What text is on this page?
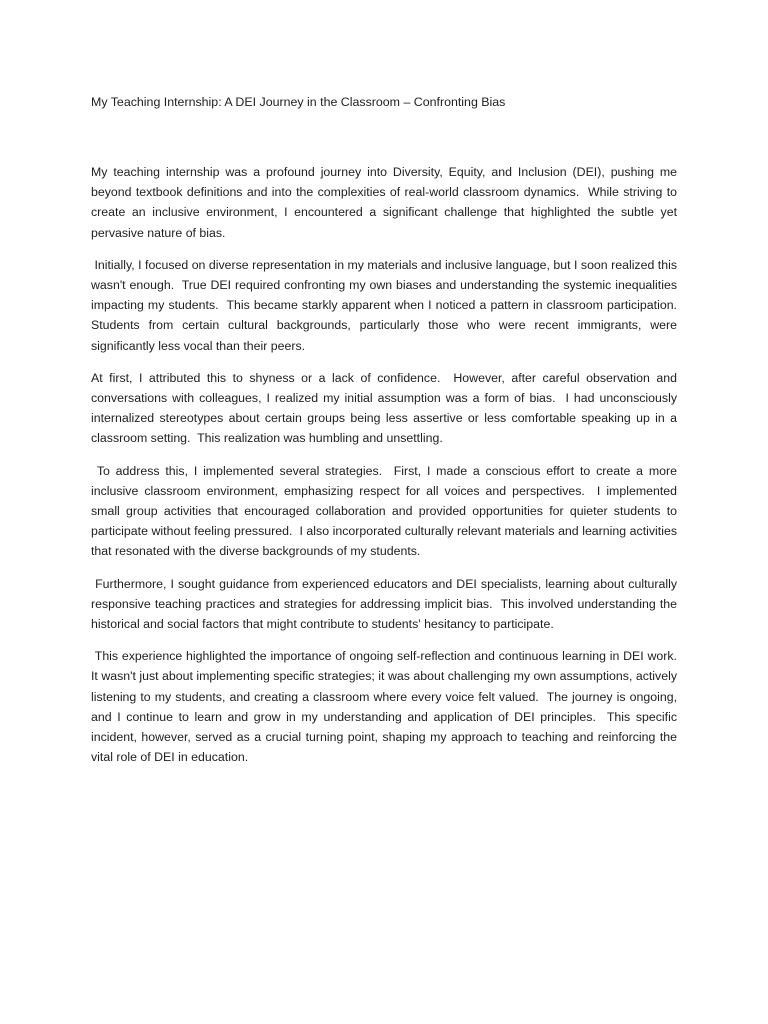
My Teaching Internship: A DEI Journey in the Classroom – Confronting Bias

My teaching internship was a profound journey into Diversity, Equity, and Inclusion (DEI), pushing me beyond textbook definitions and into the complexities of real-world classroom dynamics.  While striving to create an inclusive environment, I encountered a significant challenge that highlighted the subtle yet pervasive nature of bias.

Initially, I focused on diverse representation in my materials and inclusive language, but I soon realized this wasn't enough.  True DEI required confronting my own biases and understanding the systemic inequalities impacting my students.  This became starkly apparent when I noticed a pattern in classroom participation.  Students from certain cultural backgrounds, particularly those who were recent immigrants, were significantly less vocal than their peers.

At first, I attributed this to shyness or a lack of confidence.  However, after careful observation and conversations with colleagues, I realized my initial assumption was a form of bias.  I had unconsciously internalized stereotypes about certain groups being less assertive or less comfortable speaking up in a classroom setting.  This realization was humbling and unsettling.

To address this, I implemented several strategies.  First, I made a conscious effort to create a more inclusive classroom environment, emphasizing respect for all voices and perspectives.  I implemented small group activities that encouraged collaboration and provided opportunities for quieter students to participate without feeling pressured.  I also incorporated culturally relevant materials and learning activities that resonated with the diverse backgrounds of my students.

Furthermore, I sought guidance from experienced educators and DEI specialists, learning about culturally responsive teaching practices and strategies for addressing implicit bias.  This involved understanding the historical and social factors that might contribute to students' hesitancy to participate.

This experience highlighted the importance of ongoing self-reflection and continuous learning in DEI work.  It wasn't just about implementing specific strategies; it was about challenging my own assumptions, actively listening to my students, and creating a classroom where every voice felt valued.  The journey is ongoing, and I continue to learn and grow in my understanding and application of DEI principles.  This specific incident, however, served as a crucial turning point, shaping my approach to teaching and reinforcing the vital role of DEI in education.
